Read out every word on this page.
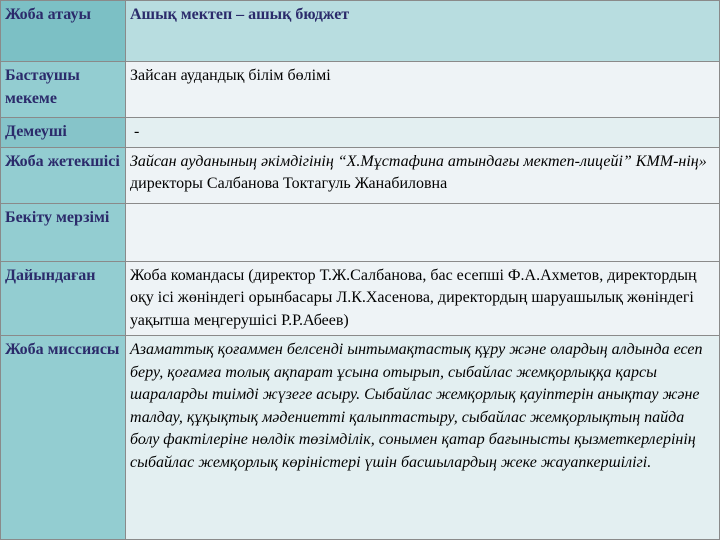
Жоба атауы	Ашық мектеп – ашық бюджет
Бастаушы мекеме	Зайсан аудандық білім бөлімі
Демеуші	-
Жоба жетекшісі	Зайсан ауданының әкімдігінің “Х.Мұстафина атындағы мектеп-лицейі” КММ-нің» директоры Салбанова Токтагуль Жанабиловна
Бекіту мерзімі	
Дайындаған	Жоба командасы (директор Т.Ж.Салбанова, бас есепші Ф.А.Ахметов, директордың оқу ісі жөніндегі орынбасары Л.К.Хасенова, директордың шаруашылық жөніндегі уақытша меңгерушісі Р.Р.Абеев)
Жоба миссиясы	Азаматтық қоғаммен белсенді ынтымақтастық құру және олардың алдында есеп беру, қоғамға толық ақпарат ұсына отырып, сыбайлас жемқорлыққа қарсы шараларды тиімді жүзеге асыру. Сыбайлас жемқорлық қауіптерін анықтау және талдау, құқықтық мәдениетті қалыптастыру, сыбайлас жемқорлықтың пайда болу фактілеріне нөлдік төзімділік, сонымен қатар бағынысты қызметкерлерінің сыбайлас жемқорлық көріністері үшін басшылардың жеке жауапкершілігі.
